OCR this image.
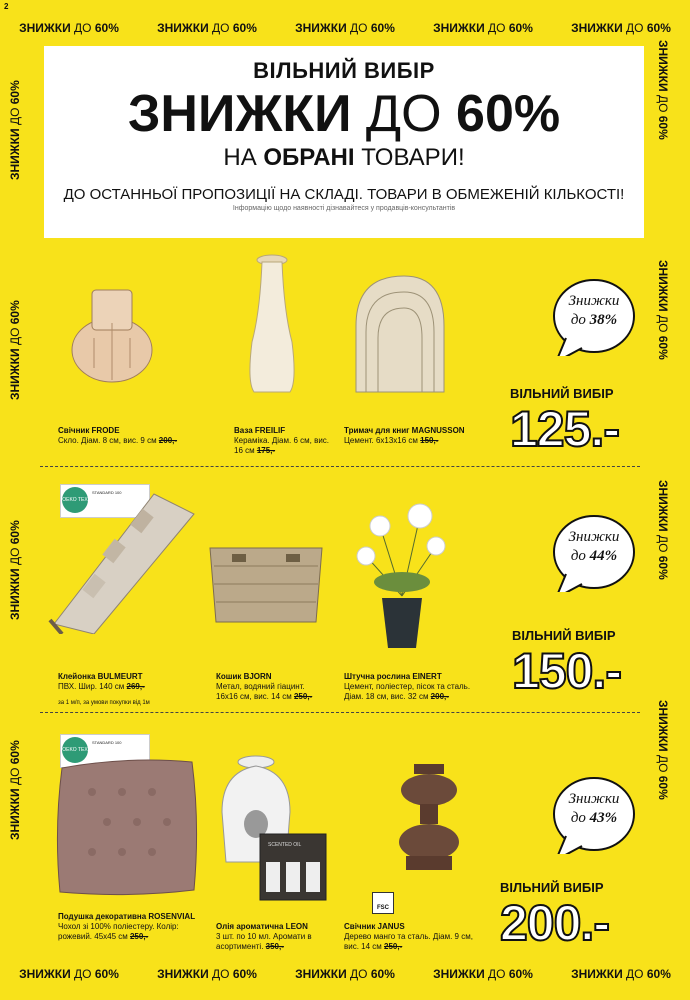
2
ЗНИЖКИ ДО 60%	ЗНИЖКИ ДО 60%	ЗНИЖКИ ДО 60%	ЗНИЖКИ ДО 60%	ЗНИЖКИ ДО 60%
ЗНИЖКИ ДО 60%	ЗНИЖКИ ДО 60%	ЗНИЖКИ ДО 60%	ЗНИЖКИ ДО 60%	ЗНИЖКИ ДО 60%
ЗНИЖКИ ДО 60%
ЗНИЖКИ ДО 60%
ЗНИЖКИ ДО 60%
ЗНИЖКИ ДО 60%
ЗНИЖКИ ДО 60%
ЗНИЖКИ ДО 60%
ЗНИЖКИ ДО 60%
ЗНИЖКИ ДО 60%
ВІЛЬНИЙ ВИБІР
ЗНИЖКИ ДО 60%
НА ОБРАНІ ТОВАРИ!
ДО ОСТАННЬОЇ ПРОПОЗИЦІЇ НА СКЛАДІ. ТОВАРИ В ОБМЕЖЕНІЙ КІЛЬКОСТІ!
Інформацію щодо наявності дізнавайтеся у продавців-консультантів
Свічник FRODE
Скло. Діам. 8 см, вис. 9 см 200,-
Ваза FREILIF
Кераміка. Діам. 6 см, вис. 16 см 175,-
Тримач для книг MAGNUSSON
Цемент. 6x13x16 см 150,-
Знижки
до 38%
ВІЛЬНИЙ ВИБІР
125.-
OEKO TEX
STANDARD 100
Клейонка BULMEURT
ПВХ. Шир. 140 см 269,-
за 1 м/п, за умови покупки від 1м
Кошик BJORN
Метал, водяний гіацинт. 16x16 см, вис. 14 см 250,-
Штучна рослина EINERT
Цемент, поліестер, пісок та сталь. Діам. 18 см, вис. 32 см 200,-
Знижки
до 44%
ВІЛЬНИЙ ВИБІР
150.-
OEKO TEX
STANDARD 100
SCENTED OIL
FSC
Подушка декоративна ROSENVIAL
Чохол зі 100% поліестеру. Колір: рожевий. 45x45 см 250,-
Олія ароматична LEON
3 шт. по 10 мл. Аромати в асортименті. 350,-
Свічник JANUS
Дерево манго та сталь. Діам. 9 см, вис. 14 см 250,-
Знижки
до 43%
ВІЛЬНИЙ ВИБІР
200.-
